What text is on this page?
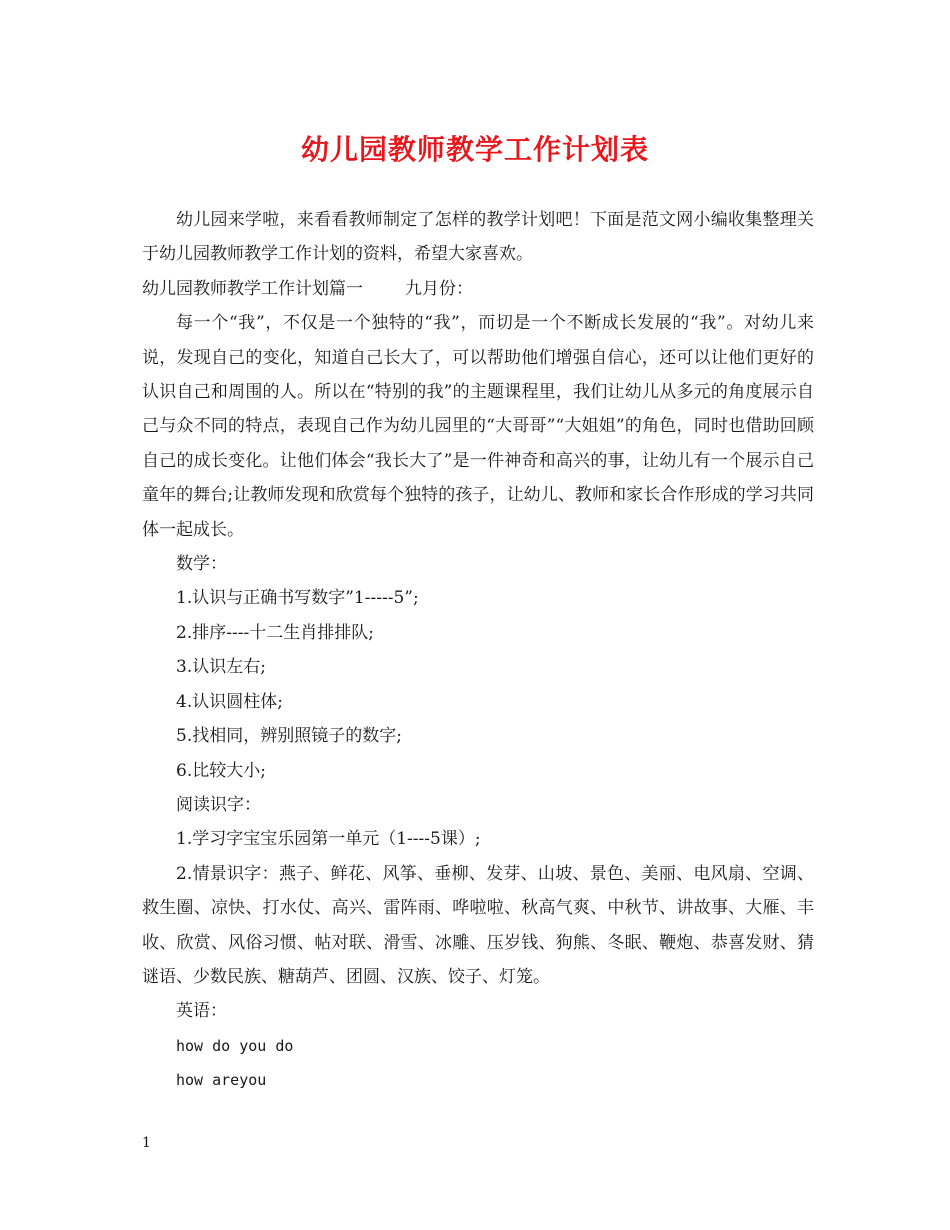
幼儿园教师教学工作计划表

幼儿园来学啦，来看看教师制定了怎样的教学计划吧！下面是范文网小编收集整理关于幼儿园教师教学工作计划的资料，希望大家喜欢。

幼儿园教师教学工作计划篇一 九月份：

每一个“我”，不仅是一个独特的“我”，而切是一个不断成长发展的“我”。对幼儿来说，发现自己的变化，知道自己长大了，可以帮助他们增强自信心，还可以让他们更好的认识自己和周围的人。所以在“特别的我”的主题课程里，我们让幼儿从多元的角度展示自己与众不同的特点，表现自己作为幼儿园里的“大哥哥”“大姐姐”的角色，同时也借助回顾自己的成长变化。让他们体会“我长大了”是一件神奇和高兴的事，让幼儿有一个展示自己童年的舞台;让教师发现和欣赏每个独特的孩子，让幼儿、教师和家长合作形成的学习共同体一起成长。

数学：

1.认识与正确书写数字”1-----5”;

2.排序----十二生肖排排队;

3.认识左右;

4.认识圆柱体;

5.找相同，辨别照镜子的数字;

6.比较大小;

阅读识字：

1.学习字宝宝乐园第一单元（1----5课）;

2.情景识字：燕子、鲜花、风筝、垂柳、发芽、山坡、景色、美丽、电风扇、空调、救生圈、凉快、打水仗、高兴、雷阵雨、哗啦啦、秋高气爽、中秋节、讲故事、大雁、丰收、欣赏、风俗习惯、帖对联、滑雪、冰雕、压岁钱、狗熊、冬眠、鞭炮、恭喜发财、猜谜语、少数民族、糖葫芦、团圆、汉族、饺子、灯笼。

英语：

how do you do

how areyou

1
